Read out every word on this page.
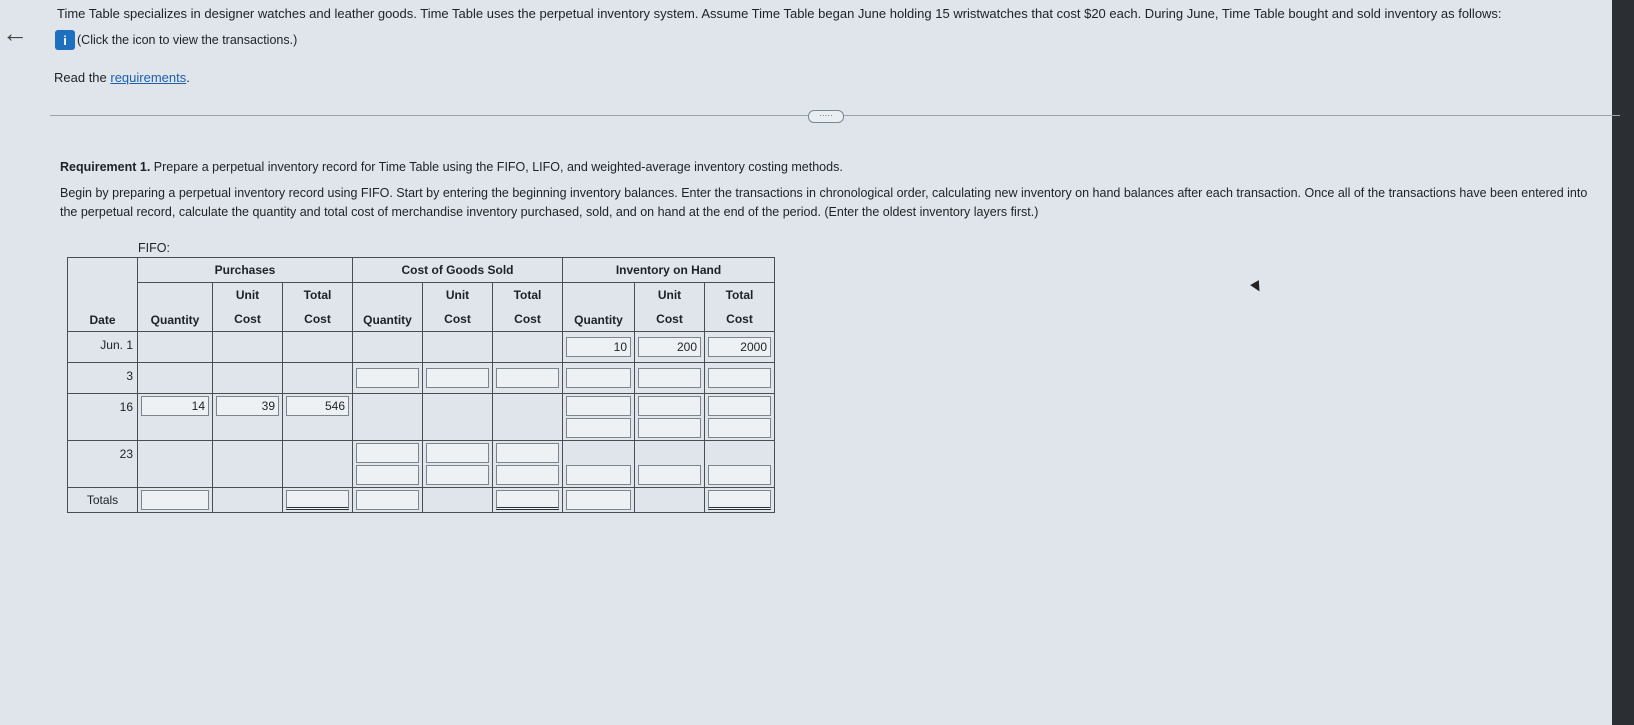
←
Time Table specializes in designer watches and leather goods. Time Table uses the perpetual inventory system. Assume Time Table began June holding 15 wristwatches that cost $20 each. During June, Time Table bought and sold inventory as follows:
i (Click the icon to view the transactions.)
Read the requirements.
·····
Requirement 1. Prepare a perpetual inventory record for Time Table using the FIFO, LIFO, and weighted-average inventory costing methods.
Begin by preparing a perpetual inventory record using FIFO. Start by entering the beginning inventory balances. Enter the transactions in chronological order, calculating new inventory on hand balances after each transaction. Once all of the transactions have been entered into the perpetual record, calculate the quantity and total cost of merchandise inventory purchased, sold, and on hand at the end of the period. (Enter the oldest inventory layers first.)
FIFO:
Date	Purchases			Cost of Goods Sold			Inventory on Hand		
	Quantity	Unit	Total	Quantity	Unit	Total	Quantity	Unit	Total
		Cost	Cost		Cost	Cost		Cost	Cost
Jun. 1							10	200	2000

3				

16	14	39	546						

23				

Totals	
